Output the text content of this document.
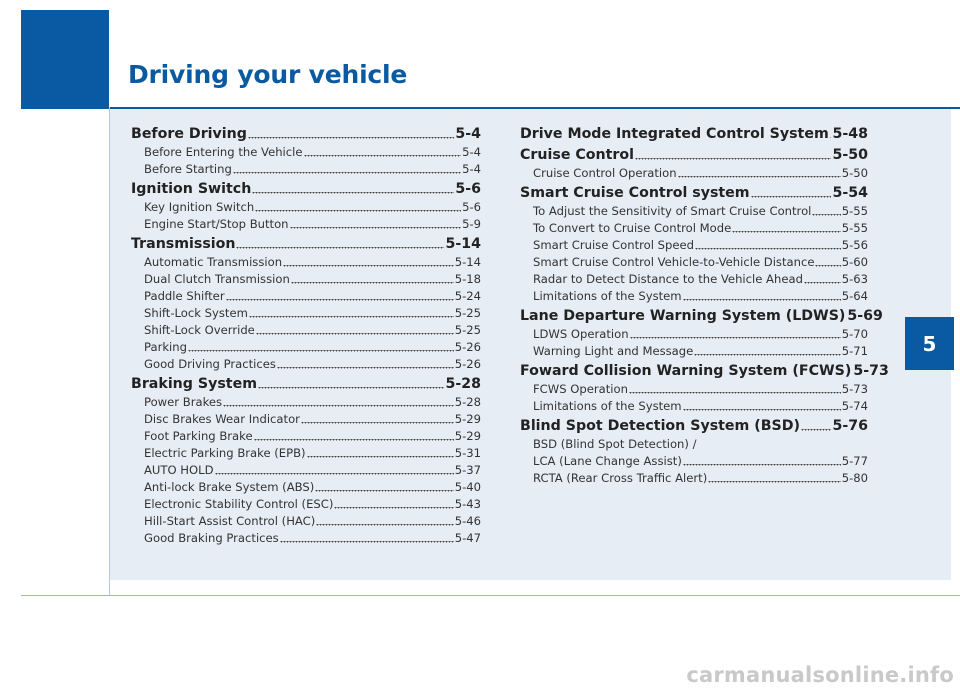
Driving your vehicle
5
Before Driving	5-4
Before Entering the Vehicle	5-4
Before Starting	5-4
Ignition Switch	5-6
Key Ignition Switch	5-6
Engine Start/Stop Button	5-9
Transmission	5-14
Automatic Transmission	5-14
Dual Clutch Transmission	5-18
Paddle Shifter	5-24
Shift-Lock System	5-25
Shift-Lock Override	5-25
Parking	5-26
Good Driving Practices	5-26
Braking System	5-28
Power Brakes	5-28
Disc Brakes Wear Indicator	5-29
Foot Parking Brake	5-29
Electric Parking Brake (EPB)	5-31
AUTO HOLD	5-37
Anti-lock Brake System (ABS)	5-40
Electronic Stability Control (ESC)	5-43
Hill-Start Assist Control (HAC)	5-46
Good Braking Practices	5-47
Drive Mode Integrated Control System 5-48
Cruise Control	5-50
Cruise Control Operation	5-50
Smart Cruise Control system	5-54
To Adjust the Sensitivity of Smart Cruise Control	5-55
To Convert to Cruise Control Mode	5-55
Smart Cruise Control Speed	5-56
Smart Cruise Control Vehicle-to-Vehicle Distance 5-60
Radar to Detect Distance to the Vehicle Ahead	5-63
Limitations of the System	5-64
Lane Departure Warning System (LDWS) 5-69
LDWS Operation	5-70
Warning Light and Message	5-71
Foward Collision Warning System (FCWS) 5-73
FCWS Operation	5-73
Limitations of the System	5-74
Blind Spot Detection System (BSD) 5-76
BSD (Blind Spot Detection) /
LCA (Lane Change Assist)	5-77
RCTA (Rear Cross Traffic Alert)	5-80
carmanualsonline.info
